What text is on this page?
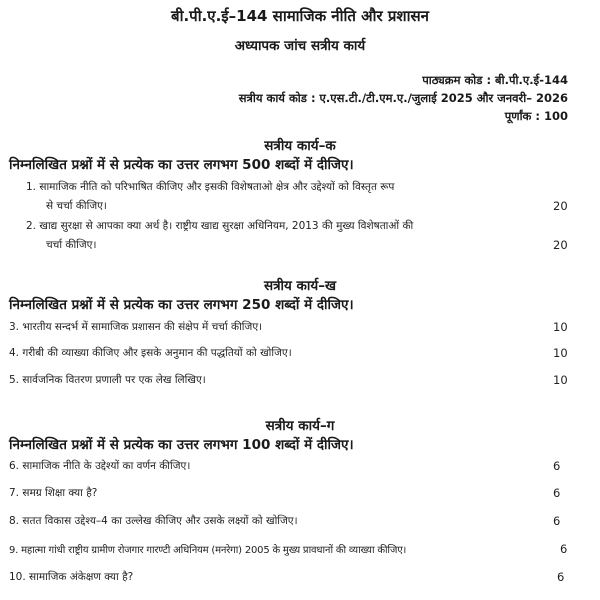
बी.पी.ए.ई–144 सामाजिक नीति और प्रशासन
अध्यापक जांच सत्रीय कार्य
पाठ्यक्रम कोड : बी.पी.ए.ई-144
सत्रीय कार्य कोड : ए.एस.टी./टी.एम.ए./जुलाई 2025 और जनवरी– 2026
पूर्णांक : 100
सत्रीय कार्य–क
निम्नलिखित प्रश्नों में से प्रत्येक का उत्तर लगभग 500 शब्दों में दीजिए।
1. सामाजिक नीति को परिभाषित कीजिए और इसकी विशेषताओ क्षेत्र और उद्देश्यों को विस्तृत रूप
से चर्चा कीजिए।	20
2. खाद्य सुरक्षा से आपका क्या अर्थ है। राष्ट्रीय खाद्य सुरक्षा अधिनियम, 2013 की मुख्य विशेषताओं की
चर्चा कीजिए।	20
सत्रीय कार्य–ख
निम्नलिखित प्रश्नों में से प्रत्येक का उत्तर लगभग 250 शब्दों में दीजिए।
3. भारतीय सन्दर्भ में सामाजिक प्रशासन की संक्षेप में चर्चा कीजिए।	10
4. गरीबी की व्याख्या कीजिए और इसके अनुमान की पद्धतियों को खोजिए।	10
5. सार्वजनिक वितरण प्रणाली पर एक लेख लिखिए।	10
सत्रीय कार्य–ग
निम्नलिखित प्रश्नों में से प्रत्येक का उत्तर लगभग 100 शब्दों में दीजिए।
6. सामाजिक नीति के उद्देश्यों का वर्णन कीजिए।	6
7. समग्र शिक्षा क्या है?	6
8. सतत विकास उद्देश्य–4 का उल्लेख कीजिए और उसके लक्ष्यों को खोजिए।	6
9. महात्मा गांधी राष्ट्रीय ग्रामीण रोजगार गारण्टी अधिनियम (मनरेगा) 2005 के मुख्य प्रावधानों की व्याख्या कीजिए।	6
10. सामाजिक अंकेक्षण क्या है?	6
